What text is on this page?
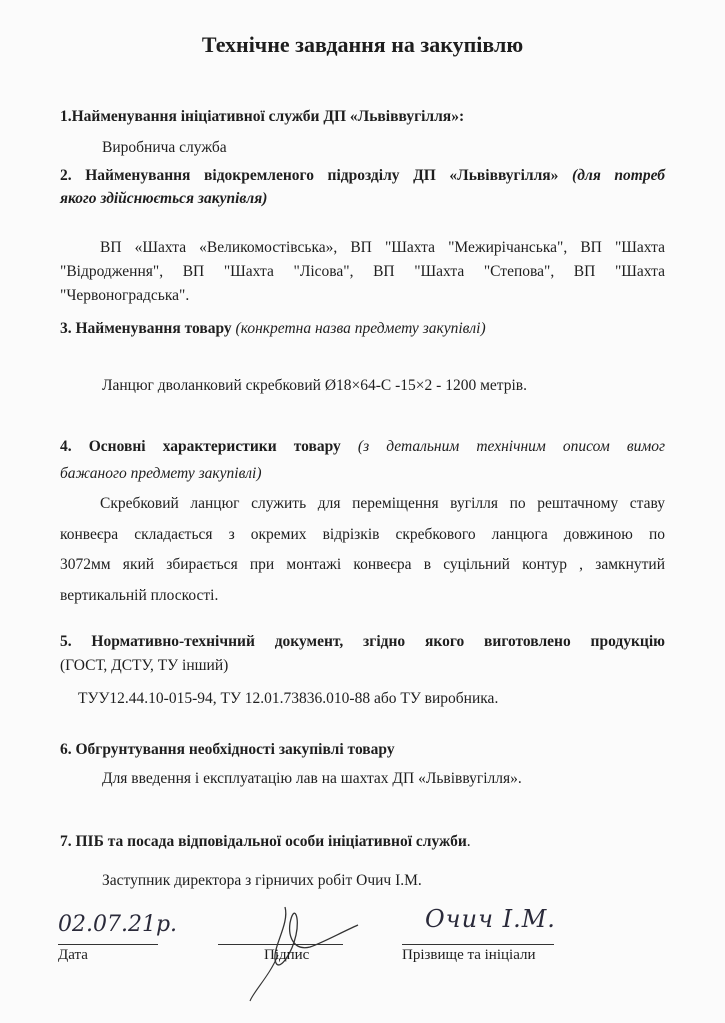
Технічне завдання на закупівлю
1.Найменування ініціативної служби ДП «Львіввугілля»:
Виробнича служба
2. Найменування відокремленого підрозділу ДП «Львіввугілля» (для потреб
якого здійснюється закупівля)
ВП «Шахта «Великомостівська», ВП "Шахта "Межирічанська", ВП "Шахта
"Відродження", ВП "Шахта "Лісова", ВП "Шахта "Степова", ВП "Шахта
"Червоноградська".
3. Найменування товару (конкретна назва предмету закупівлі)
Ланцюг дволанковий скребковий Ø18×64-С -15×2 - 1200 метрів.
4. Основні характеристики товару (з детальним технічним описом вимог
бажаного предмету закупівлі)
Скребковий ланцюг служить для переміщення вугілля по рештачному ставу
конвеєра складається з окремих відрізків скребкового ланцюга довжиною по
3072мм який збирається при монтажі конвеєра в суцільний контур , замкнутий
вертикальній плоскості.
5. Нормативно-технічний документ, згідно якого виготовлено продукцію
(ГОСТ, ДСТУ, ТУ інший)
ТУУ12.44.10-015-94, ТУ 12.01.73836.010-88 або ТУ виробника.
6. Обгрунтування необхідності закупівлі товару
Для введення і експлуатацію лав на шахтах ДП «Львіввугілля».
7. ПІБ та посада відповідальної особи ініціативної служби.
Заступник директора з гірничих робіт Очич І.М.
02.07.21р.
Дата	Підпис
Очич І.М.
Прізвище та ініціали
